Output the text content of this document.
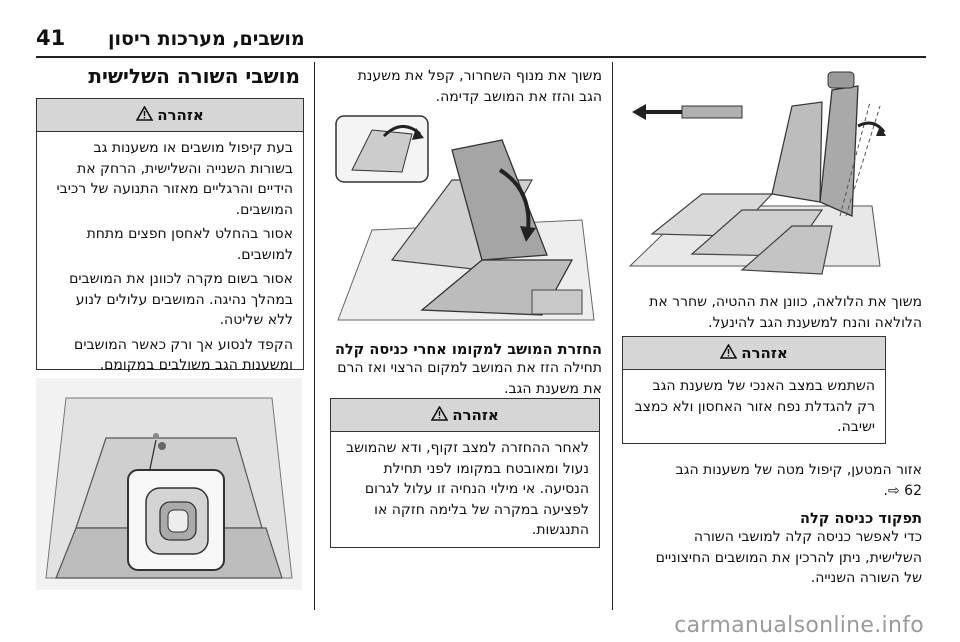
41 מושבים, מערכות ריסון

משוך את הלולאה, כוונן את ההטיה, שחרר את הלולאה והנח למשענת הגב להינעל.

אזהרה

השתמש במצב האנכי של משענת הגב רק להגדלת נפח אזור האחסון ולא כמצב ישיבה.

אזור המטען, קיפול מטה של משענות הגב

62 ⇨.

תפקוד כניסה קלה

כדי לאפשר כניסה קלה למושבי השורה השלישית, ניתן להרכין את המושבים החיצוניים של השורה השנייה.

משוך את מנוף השחרור, קפל את משענת הגב והזז את המושב קדימה.

החזרת המושב למקומו אחרי כניסה קלה

תחילה הזז את המושב למקום הרצוי ואז הרם את משענת הגב.

אזהרה

לאחר ההחזרה למצב זקוף, ודא שהמושב נעול ומאובטח במקומו לפני תחילת הנסיעה. אי מילוי הנחיה זו עלול לגרום לפציעה במקרה של בלימה חזקה או התנגשות.

מושבי השורה השלישית
אזהרה

בעת קיפול מושבים או משענות גב בשורות השנייה והשלישית, הרחק את הידיים והרגליים מאזור התנועה של רכיבי המושבים.

אסור בהחלט לאחסן חפצים מתחת למושבים.

אסור בשום מקרה לכוונן את המושבים במהלך נהיגה. המושבים עלולים לנוע ללא שליטה.

הקפד לנסוע אך ורק כאשר המושבים ומשענות הגב משולבים במקומם.

carmanualsonline.info
